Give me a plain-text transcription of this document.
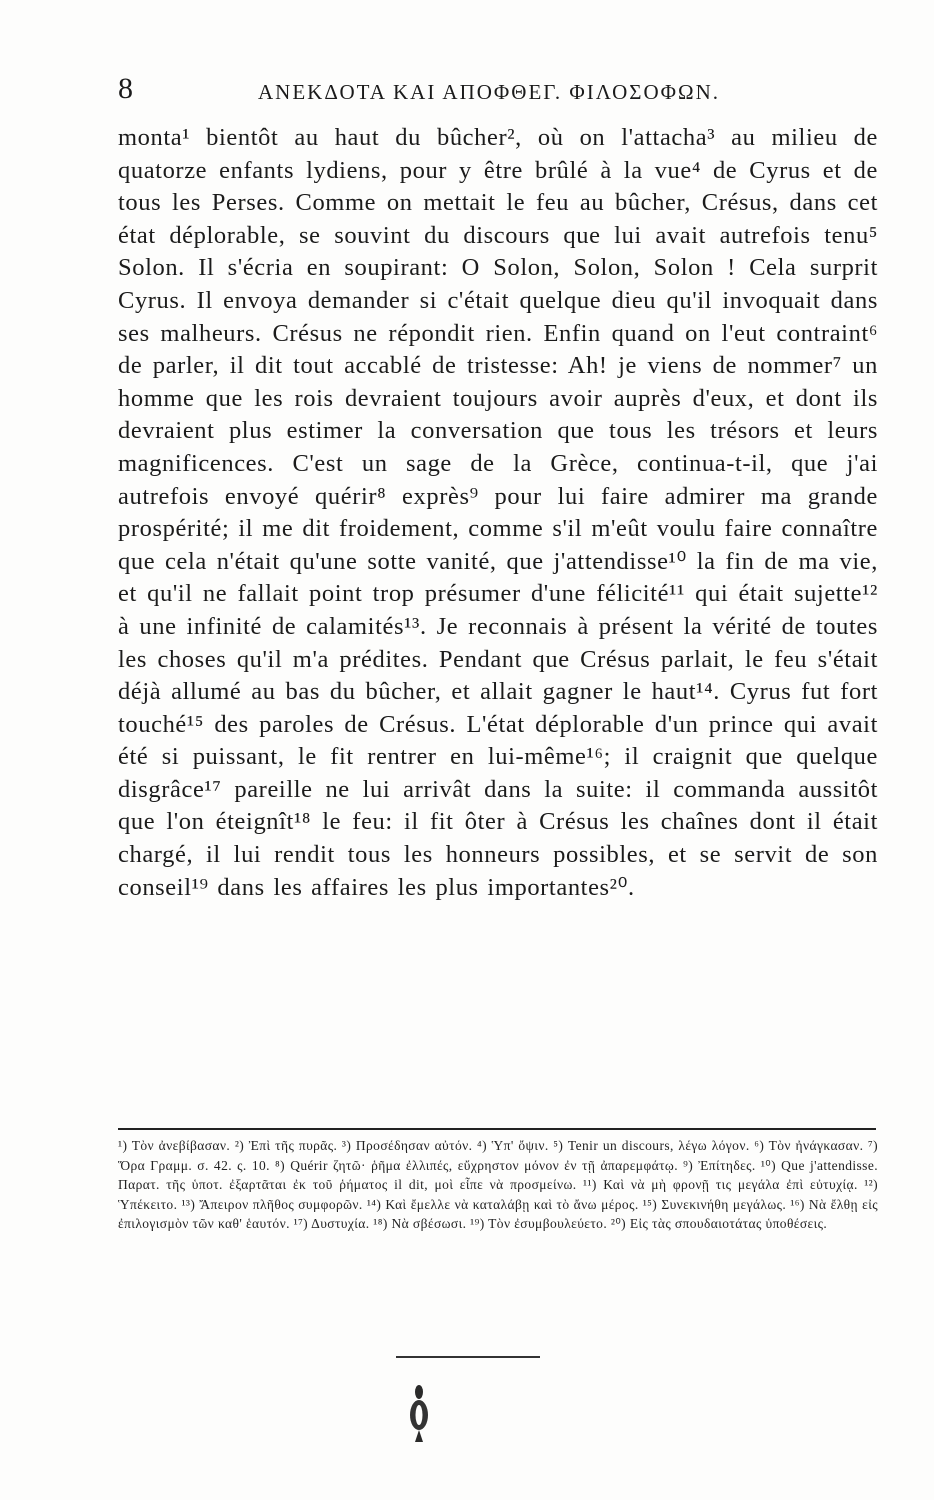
8	ΑΝΕΚΔΟΤΑ ΚΑΙ ΑΠΟΦΘΕΓ. ΦΙΛΟΣΟΦΩΝ.

monta¹ bientôt au haut du bûcher², où on l'attacha³ au milieu de quatorze enfants lydiens, pour y être brûlé à la vue⁴ de Cyrus et de tous les Perses. Comme on mettait le feu au bûcher, Crésus, dans cet état déplorable, se souvint du discours que lui avait autrefois tenu⁵ Solon. Il s'écria en soupirant: O Solon, Solon, Solon ! Cela surprit Cyrus. Il envoya demander si c'était quelque dieu qu'il invoquait dans ses malheurs. Crésus ne répondit rien. Enfin quand on l'eut contraint⁶ de parler, il dit tout accablé de tristesse: Ah! je viens de nommer⁷ un homme que les rois devraient toujours avoir auprès d'eux, et dont ils devraient plus estimer la conversation que tous les trésors et leurs magnificences. C'est un sage de la Grèce, continua-t-il, que j'ai autrefois envoyé quérir⁸ exprès⁹ pour lui faire admirer ma grande prospérité; il me dit froidement, comme s'il m'eût voulu faire connaître que cela n'était qu'une sotte vanité, que j'attendisse¹⁰ la fin de ma vie, et qu'il ne fallait point trop présumer d'une félicité¹¹ qui était sujette¹² à une infinité de calamités¹³. Je reconnais à présent la vérité de toutes les choses qu'il m'a prédites. Pendant que Crésus parlait, le feu s'était déjà allumé au bas du bûcher, et allait gagner le haut¹⁴. Cyrus fut fort touché¹⁵ des paroles de Crésus. L'état déplorable d'un prince qui avait été si puissant, le fit rentrer en lui-même¹⁶; il craignit que quelque disgrâce¹⁷ pareille ne lui arrivât dans la suite: il commanda aussitôt que l'on éteignît¹⁸ le feu: il fit ôter à Crésus les chaînes dont il était chargé, il lui rendit tous les honneurs possibles, et se servit de son conseil¹⁹ dans les affaires les plus importantes²⁰.

¹) Τὸν ἀνεβίβασαν. ²) Ἐπὶ τῆς πυρᾶς. ³) Προσέδησαν αὐτόν. ⁴) Ὑπ' ὄψιν. ⁵) Tenir un discours, λέγω λόγον. ⁶) Τὸν ἠνάγκασαν. ⁷) Ὅρα Γραμμ. σ. 42. ς. 10. ⁸) Quérir ζητῶ· ῥῆμα ἐλλιπές, εὔχρηστον μόνον ἐν τῇ ἀπαρεμφάτῳ. ⁹) Ἐπίτηδες. ¹⁰) Que j'attendisse. Παρατ. τῆς ὑποτ. ἐξαρτᾶται ἐκ τοῦ ῥήματος il dit, μοὶ εἶπε νὰ προσμείνω. ¹¹) Καὶ νὰ μὴ φρονῇ τις μεγάλα ἐπὶ εὐτυχίᾳ. ¹²) Ὑπέκειτο. ¹³) Ἄπειρον πλῆθος συμφορῶν. ¹⁴) Καὶ ἔμελλε νὰ καταλάβῃ καὶ τὸ ἄνω μέρος. ¹⁵) Συνεκινήθη μεγάλως. ¹⁶) Νὰ ἔλθῃ εἰς ἐπιλογισμὸν τῶν καθ' ἑαυτόν. ¹⁷) Δυστυχία. ¹⁸) Νὰ σβέσωσι. ¹⁹) Τὸν ἐσυμβουλεύετο. ²⁰) Εἰς τὰς σπουδαιοτάτας ὑποθέσεις.
